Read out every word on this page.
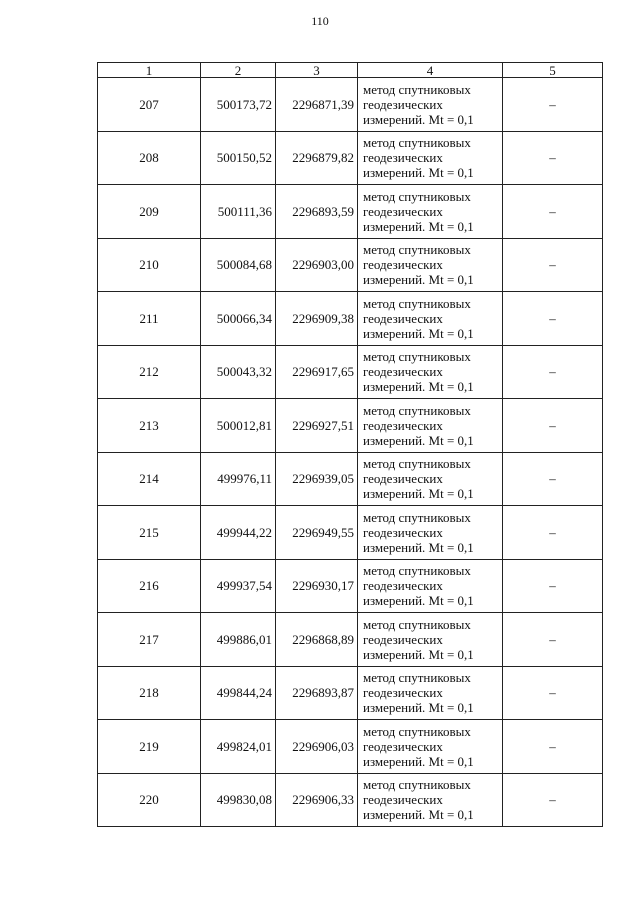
110
1	2	3	4	5
207	500173,72	2296871,39	метод спутниковых
геодезических
измерений. Mt = 0,1	–
208	500150,52	2296879,82	метод спутниковых
геодезических
измерений. Mt = 0,1	–
209	500111,36	2296893,59	метод спутниковых
геодезических
измерений. Mt = 0,1	–
210	500084,68	2296903,00	метод спутниковых
геодезических
измерений. Mt = 0,1	–
211	500066,34	2296909,38	метод спутниковых
геодезических
измерений. Mt = 0,1	–
212	500043,32	2296917,65	метод спутниковых
геодезических
измерений. Mt = 0,1	–
213	500012,81	2296927,51	метод спутниковых
геодезических
измерений. Mt = 0,1	–
214	499976,11	2296939,05	метод спутниковых
геодезических
измерений. Mt = 0,1	–
215	499944,22	2296949,55	метод спутниковых
геодезических
измерений. Mt = 0,1	–
216	499937,54	2296930,17	метод спутниковых
геодезических
измерений. Mt = 0,1	–
217	499886,01	2296868,89	метод спутниковых
геодезических
измерений. Mt = 0,1	–
218	499844,24	2296893,87	метод спутниковых
геодезических
измерений. Mt = 0,1	–
219	499824,01	2296906,03	метод спутниковых
геодезических
измерений. Mt = 0,1	–
220	499830,08	2296906,33	метод спутниковых
геодезических
измерений. Mt = 0,1	–
